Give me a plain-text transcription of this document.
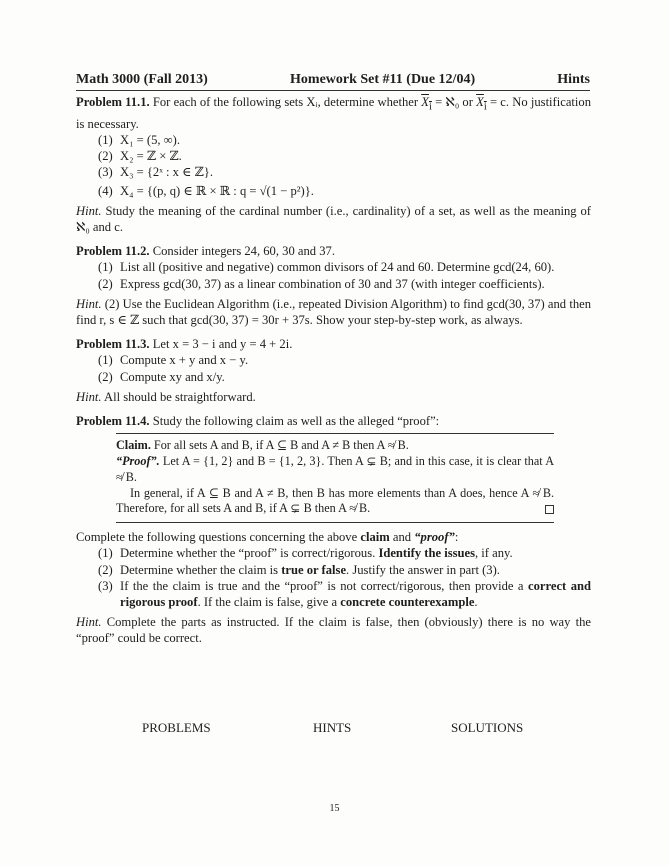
Math 3000 (Fall 2013)	Homework Set #11 (Due 12/04)	Hints

Problem 11.1. For each of the following sets Xᵢ, determine whether $X_i$ = ℵ₀ or $X_i = c$. No justification is necessary.

(1) X₁ = (5, ∞).
(2) X₂ = ℤ × ℤ.
(3) X₃ = {2ˣ : x ∈ ℤ}.
(4) X₄ = {(p, q) ∈ ℝ × ℝ : q = √(1 − p²)}.

Hint. Study the meaning of the cardinal number (i.e., cardinality) of a set, as well as the meaning of ℵ₀ and c.

Problem 11.2. Consider integers 24, 60, 30 and 37.

(1) List all (positive and negative) common divisors of 24 and 60. Determine gcd(24, 60).
(2) Express gcd(30, 37) as a linear combination of 30 and 37 (with integer coefficients).

Hint. (2) Use the Euclidean Algorithm (i.e., repeated Division Algorithm) to find gcd(30, 37) and then find r, s ∈ ℤ such that gcd(30, 37) = 30r + 37s. Show your step-by-step work, as always.

Problem 11.3. Let x = 3 − i and y = 4 + 2i.

(1) Compute x + y and x − y.
(2) Compute xy and x/y.

Hint. All should be straightforward.

Problem 11.4. Study the following claim as well as the alleged “proof”:

Claim. For all sets A and B, if A ⊆ B and A ≠ B then A ≉ B.

“Proof”. Let A = {1, 2} and B = {1, 2, 3}. Then A ⊊ B; and in this case, it is clear that A ≉ B.

In general, if A ⊆ B and A ≠ B, then B has more elements than A does, hence A ≉ B. Therefore, for all sets A and B, if A ⊊ B then A ≉ B.

Complete the following questions concerning the above claim and “proof”:

(1) Determine whether the “proof” is correct/rigorous. Identify the issues, if any.
(2) Determine whether the claim is true or false. Justify the answer in part (3).
(3) If the the claim is true and the “proof” is not correct/rigorous, then provide a correct and rigorous proof. If the claim is false, give a concrete counterexample.

Hint. Complete the parts as instructed. If the claim is false, then (obviously) there is no way the “proof” could be correct.

PROBLEMS	HINTS	SOLUTIONS
15
